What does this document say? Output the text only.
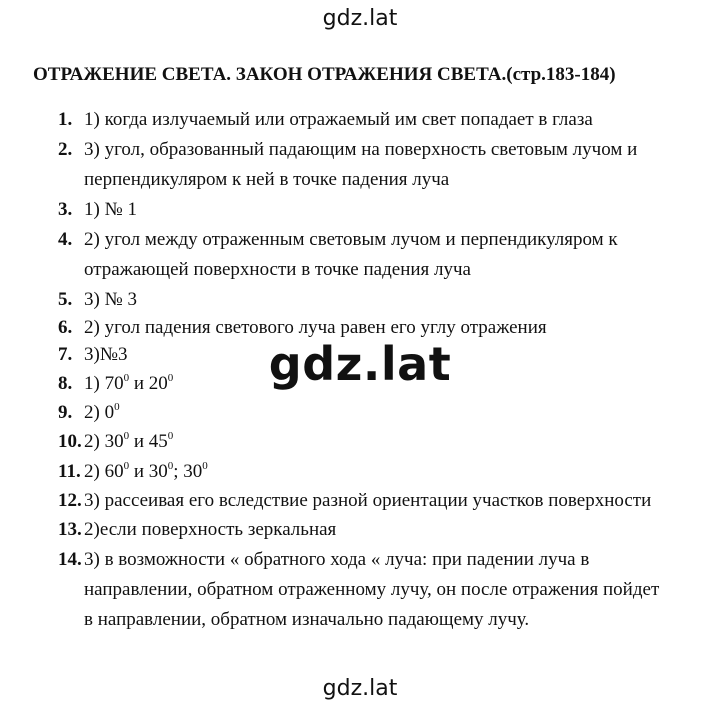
gdz.lat
ОТРАЖЕНИЕ СВЕТА. ЗАКОН ОТРАЖЕНИЯ СВЕТА.(стр.183-184)
1. 1) когда излучаемый или отражаемый им свет попадает в глаза
2. 3) угол, образованный падающим на поверхность световым лучом и
перпендикуляром к ней в точке падения луча
3. 1) № 1
4. 2) угол между отраженным световым лучом и перпендикуляром к
отражающей поверхности в точке падения луча
5. 3) № 3
6. 2) угол падения светового луча равен его углу отражения
7. 3)№3
8. 1) $70^0$ и $20^0$
9. 2) $0^0$
10. 2) $30^0$ и $45^0$
11. 2) $60^0$ и $30^0$; $30^0$
12. 3) рассеивая его вследствие разной ориентации участков поверхности
13. 2)если поверхность зеркальная
14. 3) в возможности « обратного хода « луча: при падении луча в
направлении, обратном отраженному лучу, он после отражения пойдет
в направлении, обратном изначально падающему лучу.
gdz.lat
gdz.lat
